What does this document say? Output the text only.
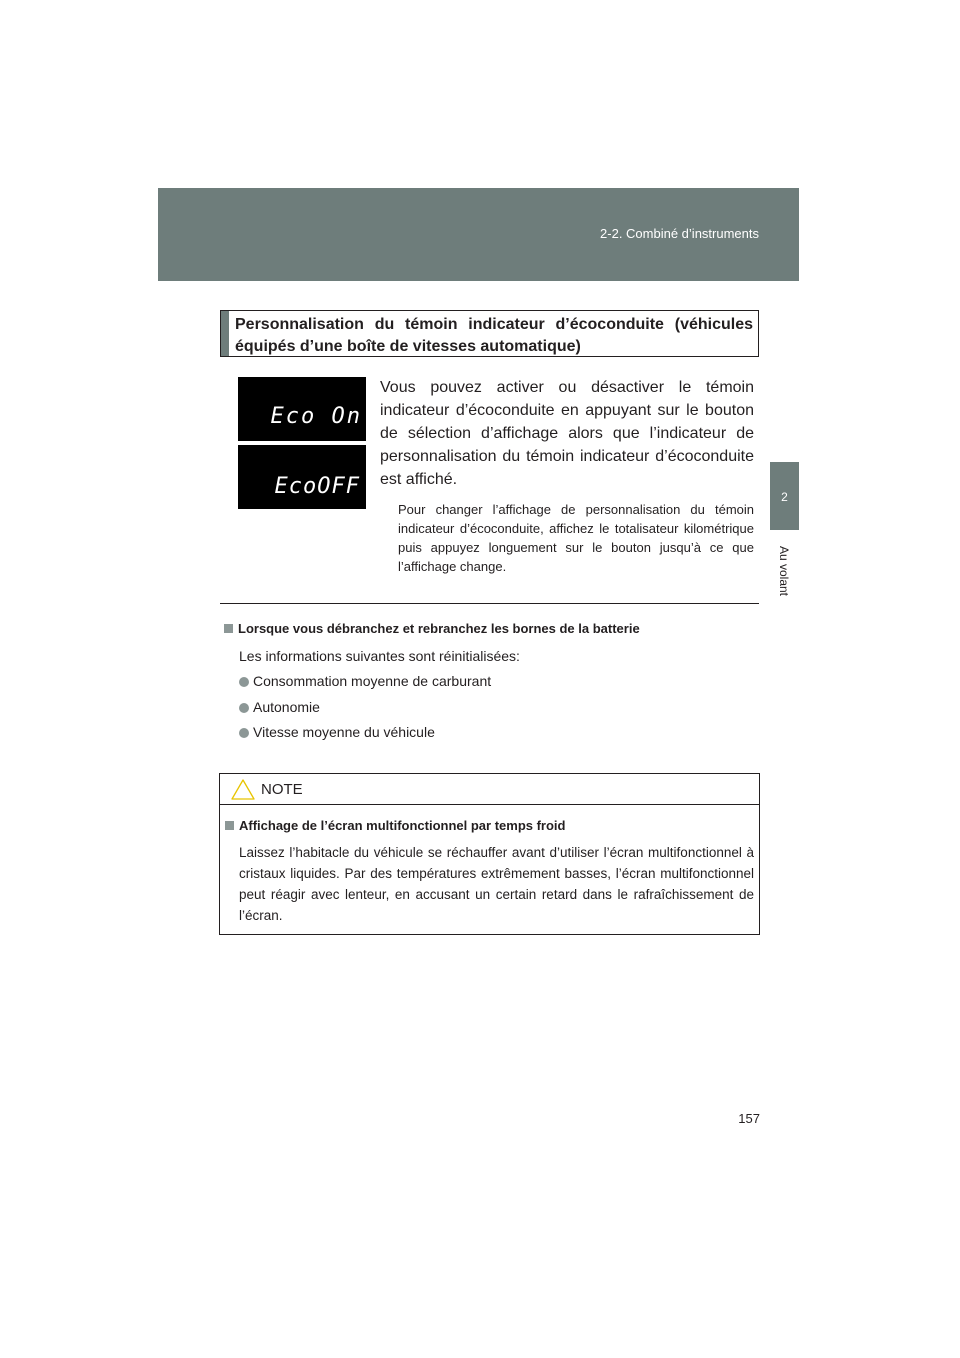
2-2. Combiné d’instruments
2
Au volant
Personnalisation du témoin indicateur d’écoconduite (véhicules équipés d’une boîte de vitesses automatique)
Eco On
EcoOFF
Vous pouvez activer ou désactiver le témoin indicateur d’écoconduite en appuyant sur le bouton de sélection d’affichage alors que l’indicateur de personnalisation du témoin indicateur d’écoconduite est affiché.
Pour changer l’affichage de personnalisation du témoin indicateur d’écoconduite, affichez le totalisateur kilométrique puis appuyez longuement sur le bouton jusqu’à ce que l’affichage change.
Lorsque vous débranchez et rebranchez les bornes de la batterie
Les informations suivantes sont réinitialisées:
Consommation moyenne de carburant
Autonomie
Vitesse moyenne du véhicule
NOTE
Affichage de l’écran multifonctionnel par temps froid
Laissez l’habitacle du véhicule se réchauffer avant d’utiliser l’écran multifonctionnel à cristaux liquides. Par des températures extrêmement basses, l’écran multifonctionnel peut réagir avec lenteur, en accusant un certain retard dans le rafraîchissement de l’écran.
157
